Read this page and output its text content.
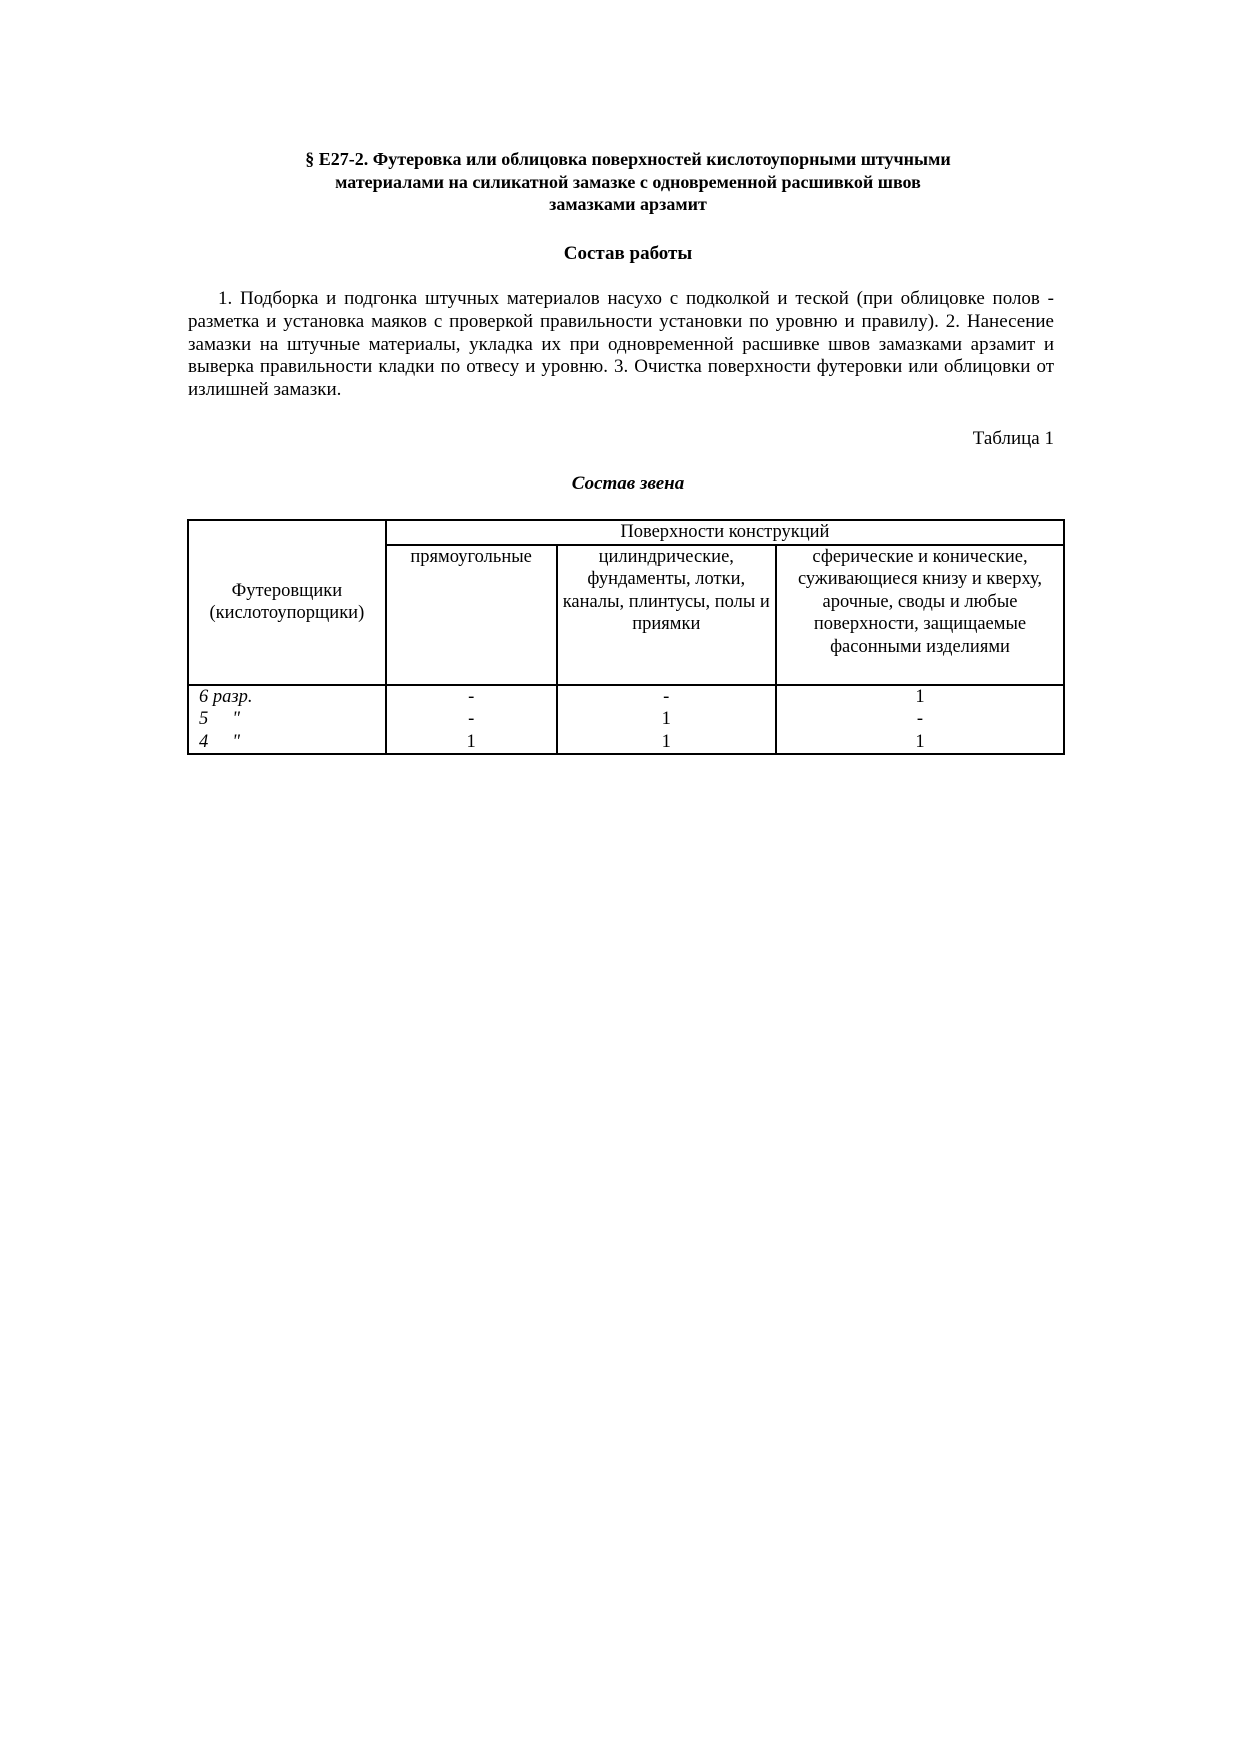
§ Е27-2. Футеровка или облицовка поверхностей кислотоупорными штучными
материалами на силикатной замазке с одновременной расшивкой швов
замазками арзамит
Состав работы

1. Подборка и подгонка штучных материалов насухо с подколкой и теской (при облицовке полов - разметка и установка маяков с проверкой правильности установки по уровню и правилу). 2. Нанесение замазки на штучные материалы, укладка их при одновременной расшивке швов замазками арзамит и выверка правильности кладки по отвесу и уровню. 3. Очистка поверхности футеровки или облицовки от излишней замазки.

Таблица 1
Состав звена
Футеровщики
(кислотоупорщики)	Поверхности конструкций		
	прямоугольные	цилиндрические, фундаменты, лотки, каналы, плинтусы, полы и приямки	сферические и конические, суживающиеся книзу и кверху, арочные, своды и любые поверхности, защищаемые фасонными изделиями
6 разр.	-	-	1
5 "	-	1	-
4 "	1	1	1
